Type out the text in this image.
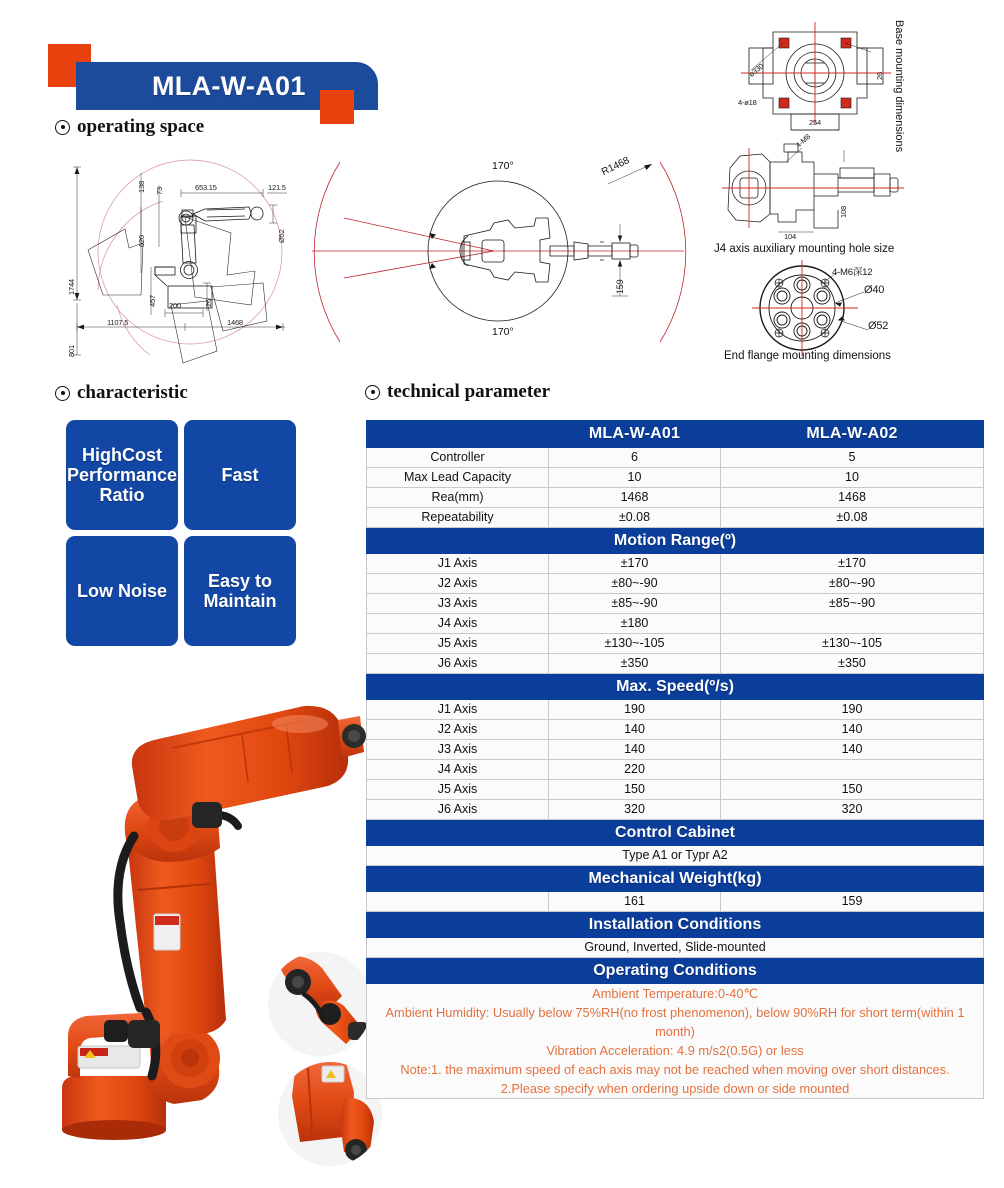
MLA-W-A01
operating space
characteristic	technical parameter
1744
801
1107.5	1468
653.15	121.5
Ø52
138 73
620
457 200	26
170°
170°
R1468
159
ø330
4-ø18
254
26 Base mounting dimensions
4-M8
104
108
J4 axis auxiliary mounting hole size
4-M6深12
Ø40
Ø52
End flange mounting dimensions
HighCost Performance Ratio
Fast
Low Noise
Easy to Maintain
	MLA-W-A01	MLA-W-A02
Controller	6	5
Max Lead Capacity	10	10
Rea(mm)	1468	1468
Repeatability	±0.08	±0.08
Motion Range(º)		
J1 Axis	±170	±170
J2 Axis	±80~-90	±80~-90
J3 Axis	±85~-90	±85~-90
J4 Axis	±180	
J5 Axis	±130~-105	±130~-105
J6 Axis	±350	±350
Max. Speed(º/s)		
J1 Axis	190	190
J2 Axis	140	140
J3 Axis	140	140
J4 Axis	220	
J5 Axis	150	150
J6 Axis	320	320
Control Cabinet		
Type A1 or Typr A2		
Mechanical Weight(kg)		
	161	159
Installation Conditions		
Ground, Inverted, Slide-mounted		
Operating Conditions		

Ambient Temperature:0-40℃
Ambient Humidity: Usually below 75%RH(no frost phenomenon), below 90%RH for short term(within 1 month)
Vibration Acceleration: 4.9 m/s2(0.5G) or less
Note:1. the maximum speed of each axis may not be reached when moving over short distances.
2.Please specify when ordering upside down or side mounted		
